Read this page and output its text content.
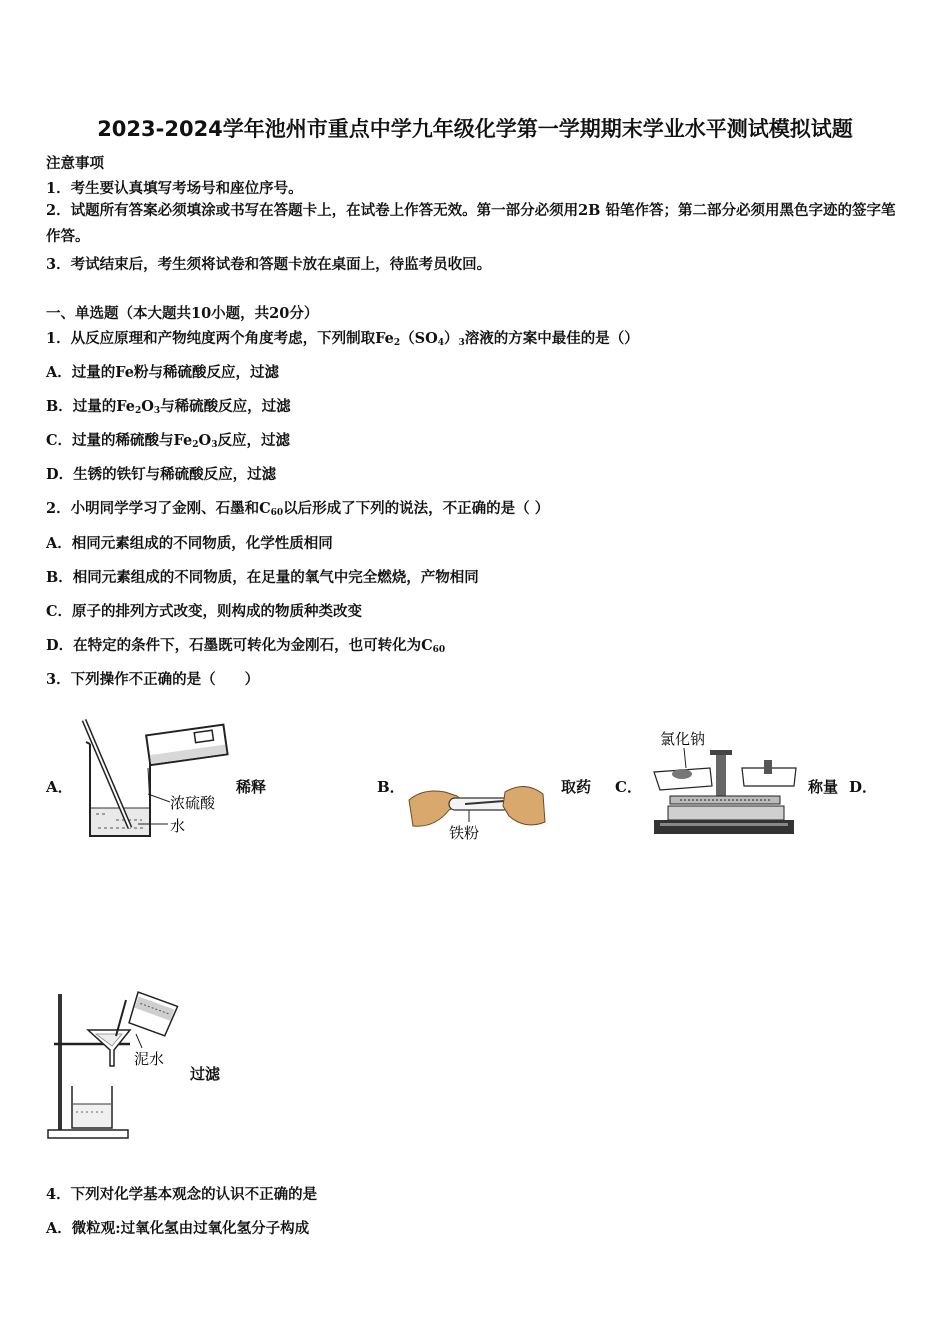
2023-2024学年池州市重点中学九年级化学第一学期期末学业水平测试模拟试题
注意事项
1．考生要认真填写考场号和座位序号。
2．试题所有答案必须填涂或书写在答题卡上，在试卷上作答无效。第一部分必须用2B 铅笔作答；第二部分必须用黑色字迹的签字笔作答。
3．考试结束后，考生须将试卷和答题卡放在桌面上，待监考员收回。
一、单选题（本大题共10小题，共20分）
1．从反应原理和产物纯度两个角度考虑，下列制取$Fe_2(SO_4)_3$溶液的方案中最佳的是（）
A．过量的Fe粉与稀硫酸反应，过滤
B．过量的$Fe_2O_3$与稀硫酸反应，过滤
C．过量的稀硫酸与$Fe_2O_3$反应，过滤
D．生锈的铁钉与稀硫酸反应，过滤
2．小明同学学习了金刚、石墨和$C_{60}$以后形成了下列的说法，不正确的是（ ）
A．相同元素组成的不同物质，化学性质相同
B．相同元素组成的不同物质，在足量的氧气中完全燃烧，产物相同
C．原子的排列方式改变，则构成的物质种类改变
D．在特定的条件下，石墨既可转化为金刚石，也可转化为$C_{60}$
3．下列操作不正确的是（　　）
A．
浓硫酸
水
稀释	B．
铁粉
取药 C．
氯化钠
称量 D．
泥水
过滤
4．下列对化学基本观念的认识不正确的是
A．微粒观:过氧化氢由过氧化氢分子构成
